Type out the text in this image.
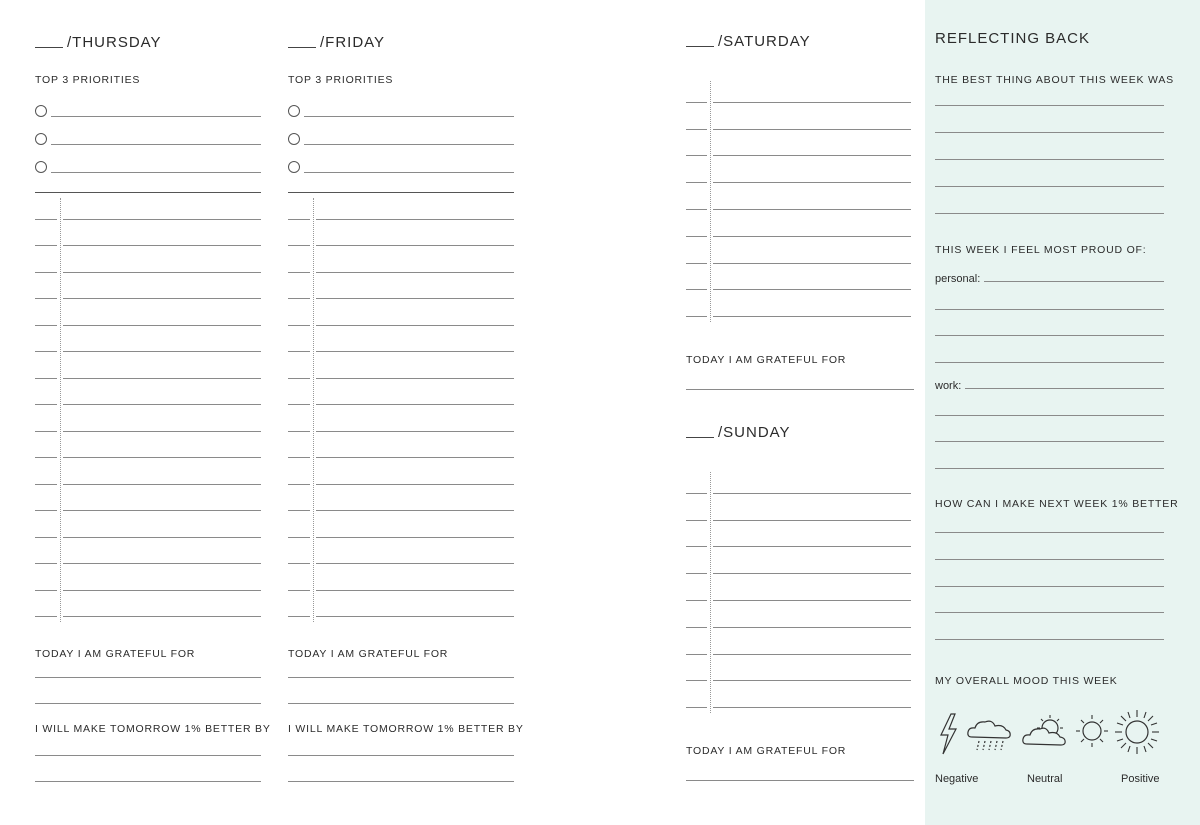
/THURSDAY
TOP 3 PRIORITIES
TODAY I AM GRATEFUL FOR
I WILL MAKE TOMORROW 1% BETTER BY
/FRIDAY
TOP 3 PRIORITIES
TODAY I AM GRATEFUL FOR
I WILL MAKE TOMORROW 1% BETTER BY
/SATURDAY
TODAY I AM GRATEFUL FOR
/SUNDAY
TODAY I AM GRATEFUL FOR
REFLECTING BACK
THE BEST THING ABOUT THIS WEEK WAS
THIS WEEK I FEEL MOST PROUD OF:
personal:
work:
HOW CAN I MAKE NEXT WEEK 1% BETTER
MY OVERALL MOOD THIS WEEK
Negative	Neutral	Positive
